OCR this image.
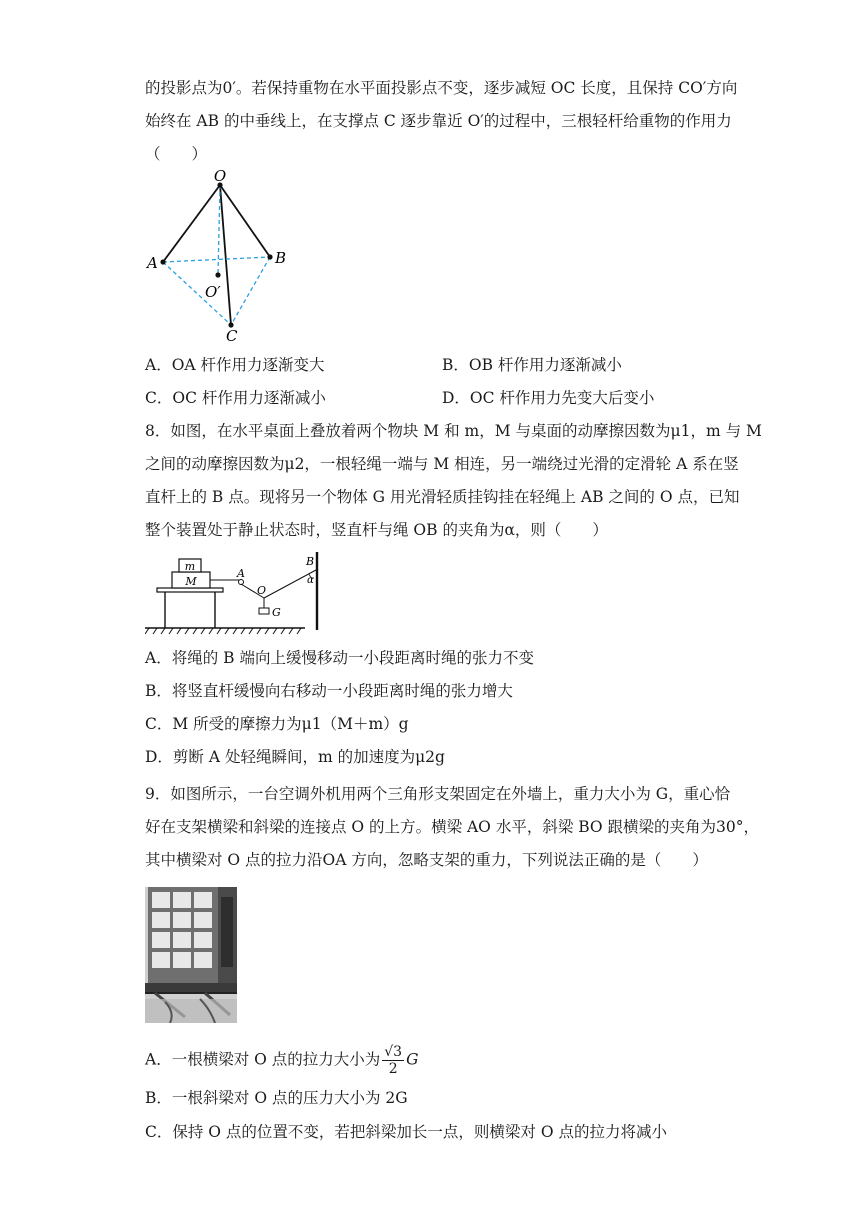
的投影点为0′。若保持重物在水平面投影点不变，逐步减短 OC 长度，且保持 CO′方向
始终在 AB 的中垂线上，在支撑点 C 逐步靠近 O′的过程中，三根轻杆给重物的作用力
（　　）
O
A	B
O′
C
A．OA 杆作用力逐渐变大	B．OB 杆作用力逐渐减小
C．OC 杆作用力逐渐减小	D．OC 杆作用力先变大后变小
8．如图，在水平桌面上叠放着两个物块 M 和 m，M 与桌面的动摩擦因数为μ1，m 与 M
之间的动摩擦因数为μ2，一根轻绳一端与 M 相连，另一端绕过光滑的定滑轮 A 系在竖
直杆上的 B 点。现将另一个物体 G 用光滑轻质挂钩挂在轻绳上 AB 之间的 O 点，已知
整个装置处于静止状态时，竖直杆与绳 OB 的夹角为α，则（　　）
m
M
G
A
O
B
α
A．将绳的 B 端向上缓慢移动一小段距离时绳的张力不变
B．将竖直杆缓慢向右移动一小段距离时绳的张力增大
C．M 所受的摩擦力为μ1（M＋m）g
D．剪断 A 处轻绳瞬间，m 的加速度为μ2g
9．如图所示，一台空调外机用两个三角形支架固定在外墙上，重力大小为 G，重心恰
好在支架横梁和斜梁的连接点 O 的上方。横梁 AO 水平，斜梁 BO 跟横梁的夹角为30°，
其中横梁对 O 点的拉力沿OA 方向，忽略支架的重力，下列说法正确的是（　　）
A．一根横梁对 O 点的拉力大小为 $\frac{√3}{2}$ G
B．一根斜梁对 O 点的压力大小为 2G
C．保持 O 点的位置不变，若把斜梁加长一点，则横梁对 O 点的拉力将减小
